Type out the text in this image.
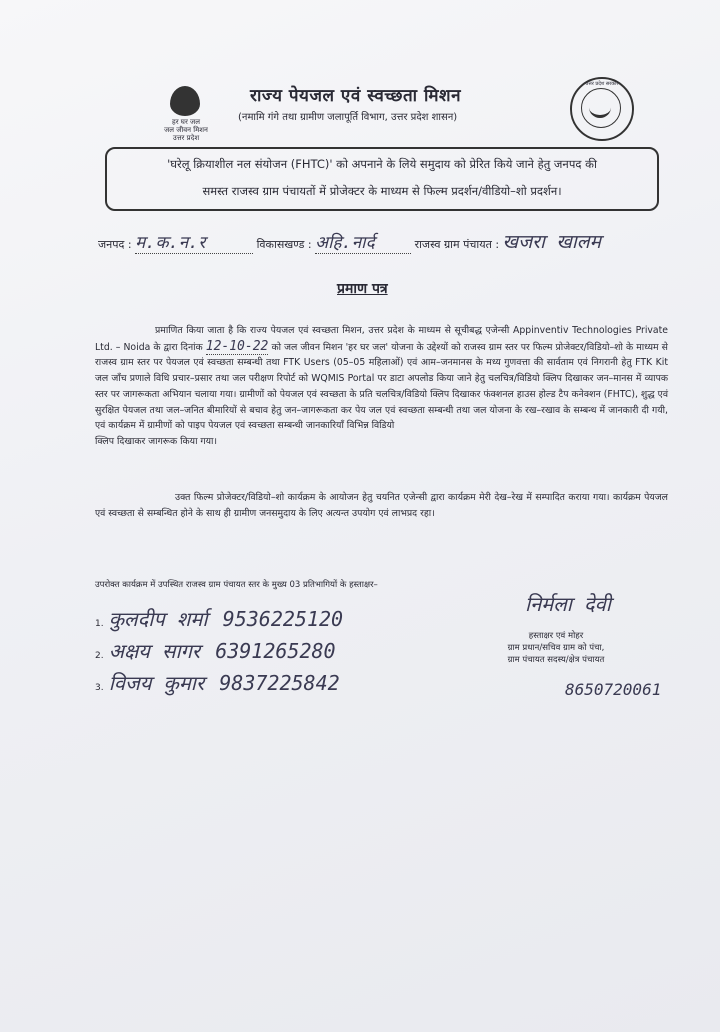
हर घर जल
जल जीवन मिशन
उत्तर प्रदेश
राज्य पेयजल एवं स्वच्छता मिशन
(नमामि गंगे तथा ग्रामीण जलापूर्ति विभाग, उत्तर प्रदेश शासन)
उत्तर प्रदेश सरकार

'घरेलू क्रियाशील नल संयोजन (FHTC)' को अपनाने के लिये समुदाय को प्रेरित किये जाने हेतु जनपद की

समस्त राजस्व ग्राम पंचायतों में प्रोजेक्टर के माध्यम से फिल्म प्रदर्शन/वीडियो–शो प्रदर्शन।

जनपद : म.क.न.र	विकासखण्ड : अहि.नार्द	राजस्व ग्राम पंचायत : खजरा खालम
प्रमाण पत्र
प्रमाणित किया जाता है कि राज्य पेयजल एवं स्वच्छता मिशन, उत्तर प्रदेश के माध्यम से सूचीबद्ध एजेन्सी Appinventiv Technologies Private Ltd. – Noida के द्वारा दिनांक 12-10-22 को जल जीवन मिशन 'हर घर जल' योजना के उद्देश्यों को राजस्व ग्राम स्तर पर फिल्म प्रोजेक्टर/विडियो–शो के माध्यम से राजस्व ग्राम स्तर पर पेयजल एवं स्वच्छता सम्बन्धी तथा FTK Users (05–05 महिलाओं) एवं आम–जनमानस के मध्य गुणवत्ता की सार्वताम एवं निगरानी हेतु FTK Kit जल जाँच प्रणाले विधि प्रचार–प्रसार तथा जल परीक्षण रिपोर्ट को WQMIS Portal पर डाटा अपलोड किया जाने हेतु चलचित्र/विडियो क्लिप दिखाकर जन–मानस में व्यापक स्तर पर जागरूकता अभियान चलाया गया। ग्रामीणों को पेयजल एवं स्वच्छता के प्रति चलचित्र/विडियो क्लिप दिखाकर फंक्शनल हाउस होल्ड टैप कनेक्शन (FHTC), शुद्ध एवं सुरक्षित पेयजल तथा जल–जनित बीमारियों से बचाव हेतु जन–जागरूकता कर पेय जल एवं स्वच्छता सम्बन्धी तथा जल योजना के रख–रखाव के सम्बन्ध में जानकारी दी गयी, एवं कार्यक्रम में ग्रामीणों को पाइप पेयजल एवं स्वच्छता सम्बन्धी जानकारियाँ विभिन्न विडियो
क्लिप दिखाकर जागरूक किया गया।
उक्त फिल्म प्रोजेक्टर/विडियो–शो कार्यक्रम के आयोजन हेतु चयनित एजेन्सी द्वारा कार्यक्रम मेरी देख–रेख में सम्पादित कराया गया। कार्यक्रम पेयजल एवं स्वच्छता से सम्बन्धित होने के साथ ही ग्रामीण जनसमुदाय के लिए अत्यन्त उपयोग एवं लाभप्रद रहा।
उपरोक्त कार्यक्रम में उपस्थित राजस्व ग्राम पंचायत स्तर के मुख्य 03 प्रतिभागियों के हस्ताक्षर–
1. कुलदीप शर्मा 9536225120
2. अक्षय सागर 6391265280
3. विजय कुमार 9837225842
निर्मला देवी
हस्ताक्षर एवं मोहर
ग्राम प्रधान/सचिव ग्राम को पंचा,
ग्राम पंचायत सदस्य/क्षेत्र पंचायत
8650720061
